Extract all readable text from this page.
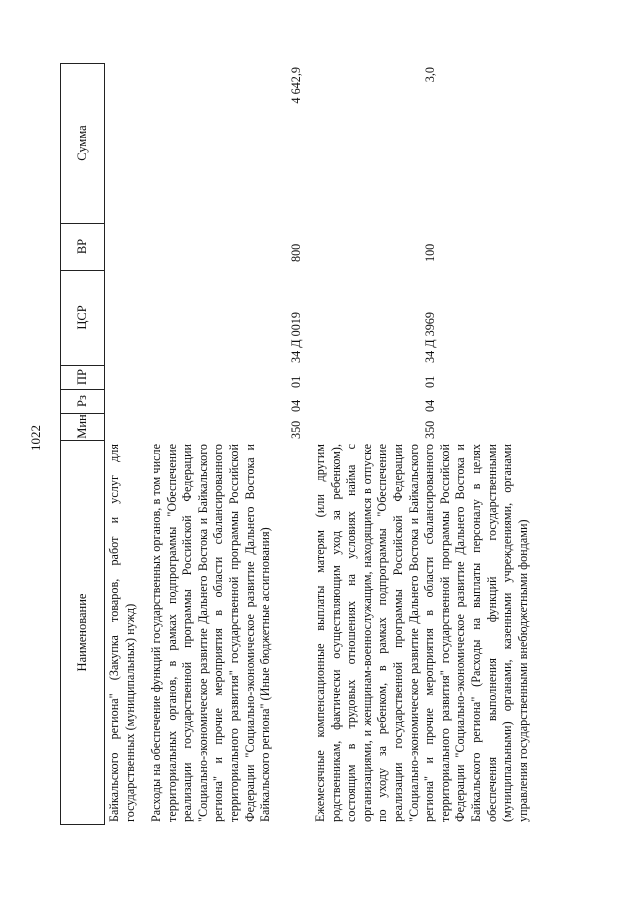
1022
Наименование
Мин
Рз
ПР
ЦСР
ВР
Сумма
Байкальского региона" (Закупка товаров, работ и услуг для государственных (муниципальных) нужд) Расходы на обеспечение функций государственных органов, в том числе территориальных органов, в рамках подпрограммы "Обеспечение реализации государственной программы Российской Федерации "Социально-экономическое развитие Дальнего Востока и Байкальского региона" и прочие мероприятия в области сбалансированного территориального развития" государственной программы Российской Федерации "Социально-экономическое развитие Дальнего Востока и Байкальского региона" (Иные бюджетные ассигнования)
350
04
01
34 Д 0019
800
4 642,9
Ежемесячные компенсационные выплаты матерям (или другим родственникам, фактически осуществляющим уход за ребенком), состоящим в трудовых отношениях на условиях найма с организациями, и женщинам-военнослужащим, находящимся в отпуске по уходу за ребенком, в рамках подпрограммы "Обеспечение реализации государственной программы Российской Федерации "Социально-экономическое развитие Дальнего Востока и Байкальского региона" и прочие мероприятия в области сбалансированного территориального развития" государственной программы Российской Федерации "Социально-экономическое развитие Дальнего Востока и Байкальского региона" (Расходы на выплаты персоналу в целях обеспечения выполнения функций государственными (муниципальными) органами, казенными учреждениями, органами управления государственными внебюджетными фондами)
350
04
01
34 Д 3969
100
3,0
